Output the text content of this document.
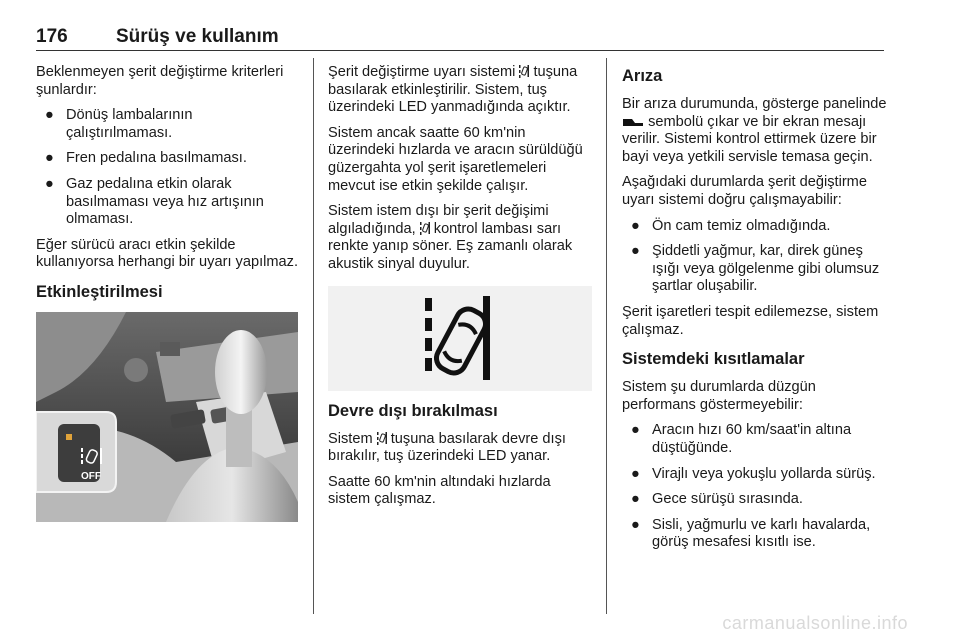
176	Sürüş ve kullanım

Beklenmeyen şerit değiştirme kriterleri şunlardır:

● Dönüş lambalarının çalıştırılmaması.
● Fren pedalına basılmaması.
● Gaz pedalına etkin olarak basılmaması veya hız artışının olmaması.

Eğer sürücü aracı etkin şekilde kullanıyorsa herhangi bir uyarı yapılmaz.

Etkinleştirilmesi
OFF

Şerit değiştirme uyarı sistemi tuşuna basılarak etkinleştirilir. Sistem, tuş üzerindeki LED yanmadığında açıktır.

Sistem ancak saatte 60 km'nin üzerindeki hızlarda ve aracın sürüldüğü güzergahta yol şerit işaretlemeleri mevcut ise etkin şekilde çalışır.

Sistem istem dışı bir şerit değişimi algıladığında, kontrol lambası sarı renkte yanıp söner. Eş zamanlı olarak akustik sinyal duyulur.

Devre dışı bırakılması

Sistem tuşuna basılarak devre dışı bırakılır, tuş üzerindeki LED yanar.

Saatte 60 km'nin altındaki hızlarda sistem çalışmaz.

Arıza

Bir arıza durumunda, gösterge panelinde  sembolü çıkar ve bir ekran mesajı verilir. Sistemi kontrol ettirmek üzere bir bayi veya yetkili servisle temasa geçin.

Aşağıdaki durumlarda şerit değiştirme uyarı sistemi doğru çalışmayabilir:

● Ön cam temiz olmadığında.
● Şiddetli yağmur, kar, direk güneş ışığı veya gölgelenme gibi olumsuz şartlar oluşabilir.

Şerit işaretleri tespit edilemezse, sistem çalışmaz.

Sistemdeki kısıtlamalar

Sistem şu durumlarda düzgün performans göstermeyebilir:

● Aracın hızı 60 km/saat'in altına düştüğünde.
● Virajlı veya yokuşlu yollarda sürüş.
● Gece sürüşü sırasında.
● Sisli, yağmurlu ve karlı havalarda, görüş mesafesi kısıtlı ise.
carmanualsonline.info
